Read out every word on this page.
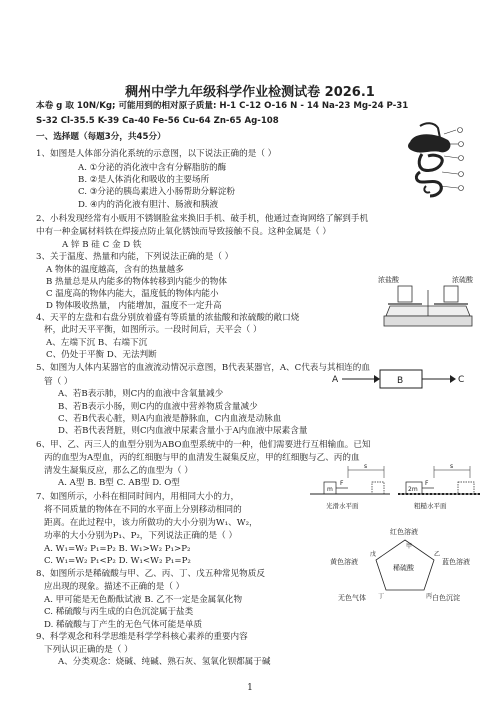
稠州中学九年级科学作业检测试卷 2026.1
本卷 g 取 10N/Kg; 可能用到的相对原子质量: H-1 C-12 O-16 N - 14 Na-23 Mg-24 P-31
S-32 Cl-35.5 K-39 Ca-40 Fe-56 Cu-64 Zn-65 Ag-108
一、选择题（每题3分，共45分）
1、如图是人体部分消化系统的示意图，以下说法正确的是（ ）
A. ①分泌的消化液中含有分解脂肪的酶
B. ②是人体消化和吸收的主要场所
C. ③分泌的胰岛素进入小肠帮助分解淀粉
D. ④内的消化液有胆汁、肠液和胰液
2、小科发现经常有小贩用不锈钢脸盆来换旧手机、破手机，他通过查询网络了解到手机
中有一种金属材料铁在焊接点防止氧化锈蚀而导致接触不良。这种金属是（ ）
A 锌 B 硅 C 金 D 铁
3、关于温度、热量和内能，下列说法正确的是（ ）
A 物体的温度越高，含有的热量越多
B 热量总是从内能多的物体转移到内能少的物体
C 温度高的物体内能大，温度低的物体内能小
D 物体吸收热量， 内能增加，温度不一定升高
4、天平的左盘和右盘分别放着盛有等质量的浓盐酸和浓硫酸的敞口烧
杯，此时天平平衡，如图所示。一段时间后，天平会（ ）
A、左端下沉 B、右端下沉
C、仍处于平衡 D、无法判断
5、如图为人体内某器官的血液流动情况示意图，B代表某器官，A、C代表与其相连的血
管（ ）
A、若B表示肺，则C内的血液中含氧量减少
B、若B表示小肠，则C内的血液中营养物质含量减少
C、若B代表心脏，则A内血液是静脉血，C内血液是动脉血
D、若B代表肾脏，则C内血液中尿素含量小于A内血液中尿素含量
6、甲、乙、丙三人的血型分别为ABO血型系统中的一种，他们需要进行互相输血。已知
丙的血型为A型血，丙的红细胞与甲的血清发生凝集反应，甲的红细胞与乙、丙的血
清发生凝集反应，那么乙的血型为（ ）
A. A型 B. B型 C. AB型 D. O型
7、如图所示，小科在相同时间内，用相同大小的力，
将不同质量的物体在不同的水平面上分别移动相同的
距离。在此过程中，该力所做功的大小分别为W₁、W₂，
功率的大小分别为P₁、P₂，下列说法正确的是（ ）
A. W₁=W₂ P₁=P₂ B. W₁>W₂ P₁>P₂
C. W₁=W₂ P₁<P₂ D. W₁<W₂ P₁=P₂
8、如图所示是稀硫酸与甲、乙、丙、丁、戊五种常见物质反
应出现的现象。描述不正确的是（ ）
A. 甲可能是无色酚酞试液 B. 乙不一定是金属氧化物
C. 稀硫酸与丙生成的白色沉淀属于盐类
D. 稀硫酸与丁产生的无色气体可能是单质
9、科学观念和科学思维是科学学科核心素养的重要内容
下列认识正确的是（ ）
A、分类观念：烧碱、纯碱、熟石灰、氢氧化钡都属于碱
浓盐酸	浓硫酸
A	B	C
s
m
F
光滑水平面
s
2m
F
粗糙水平面
稀硫酸
红色溶液
甲
黄色溶液
戊
蓝色溶液
乙
无色气体 丁	白色沉淀
丙
1
